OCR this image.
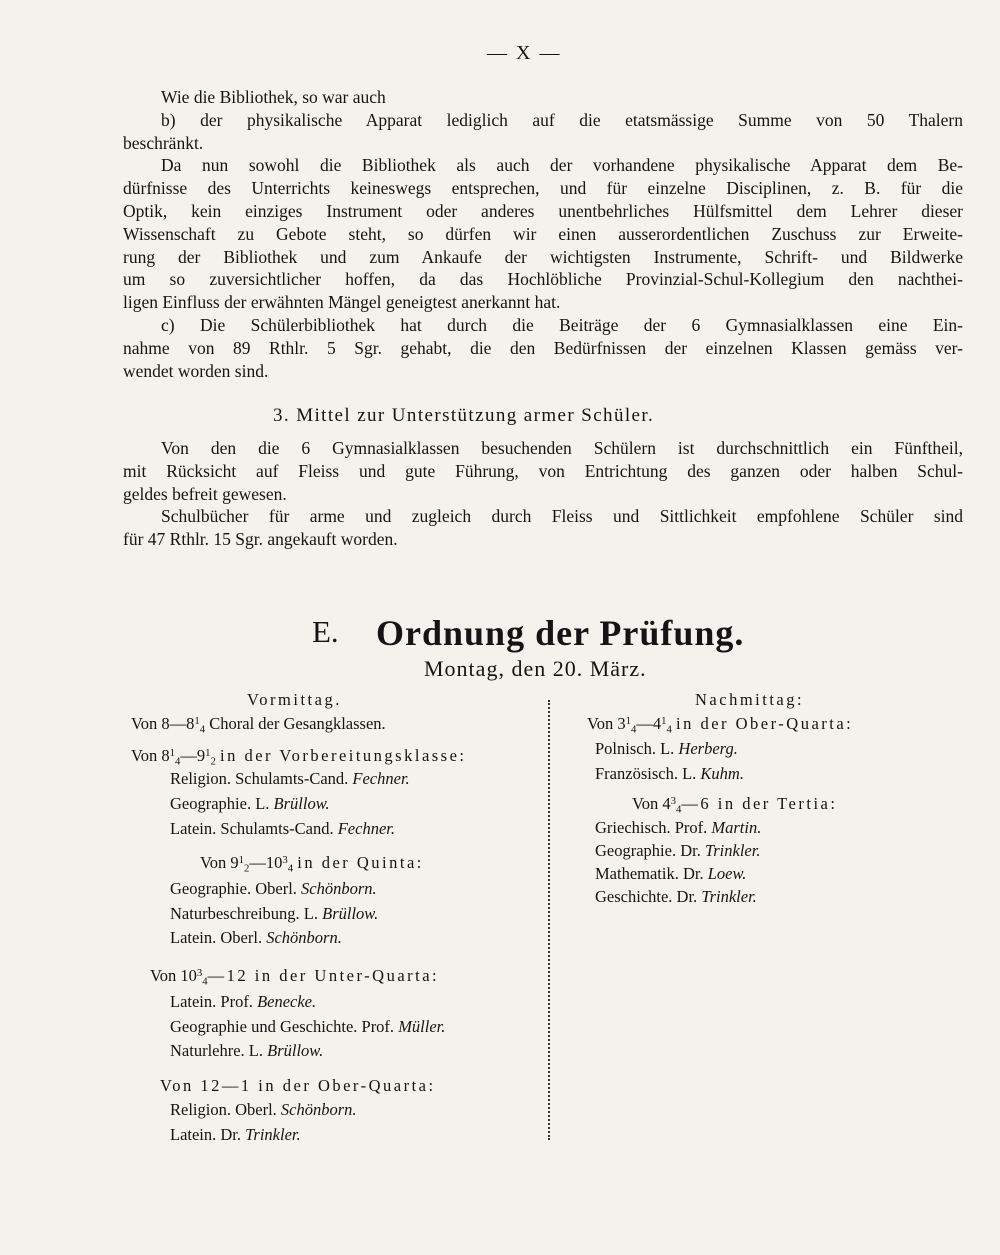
— X —
Wie die Bibliothek, so war auch
b) der physikalische Apparat lediglich auf die etatsmässige Summe von 50 Thalern
beschränkt.
Da nun sowohl die Bibliothek als auch der vorhandene physikalische Apparat dem Be-
dürfnisse des Unterrichts keineswegs entsprechen, und für einzelne Disciplinen, z. B. für die
Optik, kein einziges Instrument oder anderes unentbehrliches Hülfsmittel dem Lehrer dieser
Wissenschaft zu Gebote steht, so dürfen wir einen ausserordentlichen Zuschuss zur Erweite-
rung der Bibliothek und zum Ankaufe der wichtigsten Instrumente, Schrift- und Bildwerke
um so zuversichtlicher hoffen, da das Hochlöbliche Provinzial-Schul-Kollegium den nachthei-
ligen Einfluss der erwähnten Mängel geneigtest anerkannt hat.
c) Die Schülerbibliothek hat durch die Beiträge der 6 Gymnasialklassen eine Ein-
nahme von 89 Rthlr. 5 Sgr. gehabt, die den Bedürfnissen der einzelnen Klassen gemäss ver-
wendet worden sind.
3. Mittel zur Unterstützung armer Schüler.
Von den die 6 Gymnasialklassen besuchenden Schülern ist durchschnittlich ein Fünftheil,
mit Rücksicht auf Fleiss und gute Führung, von Entrichtung des ganzen oder halben Schul-
geldes befreit gewesen.
Schulbücher für arme und zugleich durch Fleiss und Sittlichkeit empfohlene Schüler sind
für 47 Rthlr. 15 Sgr. angekauft worden.
E. Ordnung der Prüfung.
Montag, den 20. März.
Vormittag.
Von $8—8^{1_4}$ Choral der Gesangklassen.
Von $8^{1_4}—9^{1_2}$ in der Vorbereitungsklasse:
Religion. Schulamts-Cand. Fechner.
Geographie. L. Brüllow.
Latein. Schulamts-Cand. Fechner.
Von $9^{1_2}—10^{3_4}$ in der Quinta:
Geographie. Oberl. Schönborn.
Naturbeschreibung. L. Brüllow.
Latein. Oberl. Schönborn.
Von $10^{3_4}—12$ in der Unter-Quarta:
Latein. Prof. Benecke.
Geographie und Geschichte. Prof. Müller.
Naturlehre. L. Brüllow.
Von 12—1 in der Ober-Quarta:
Religion. Oberl. Schönborn.
Latein. Dr. Trinkler.
Nachmittag:
Von $3^{1_4}—4^{1_4}$ in der Ober-Quarta:
Polnisch. L. Herberg.
Französisch. L. Kuhm.
Von $4^{3_4}—6$ in der Tertia:
Griechisch. Prof. Martin.
Geographie. Dr. Trinkler.
Mathematik. Dr. Loew.
Geschichte. Dr. Trinkler.
